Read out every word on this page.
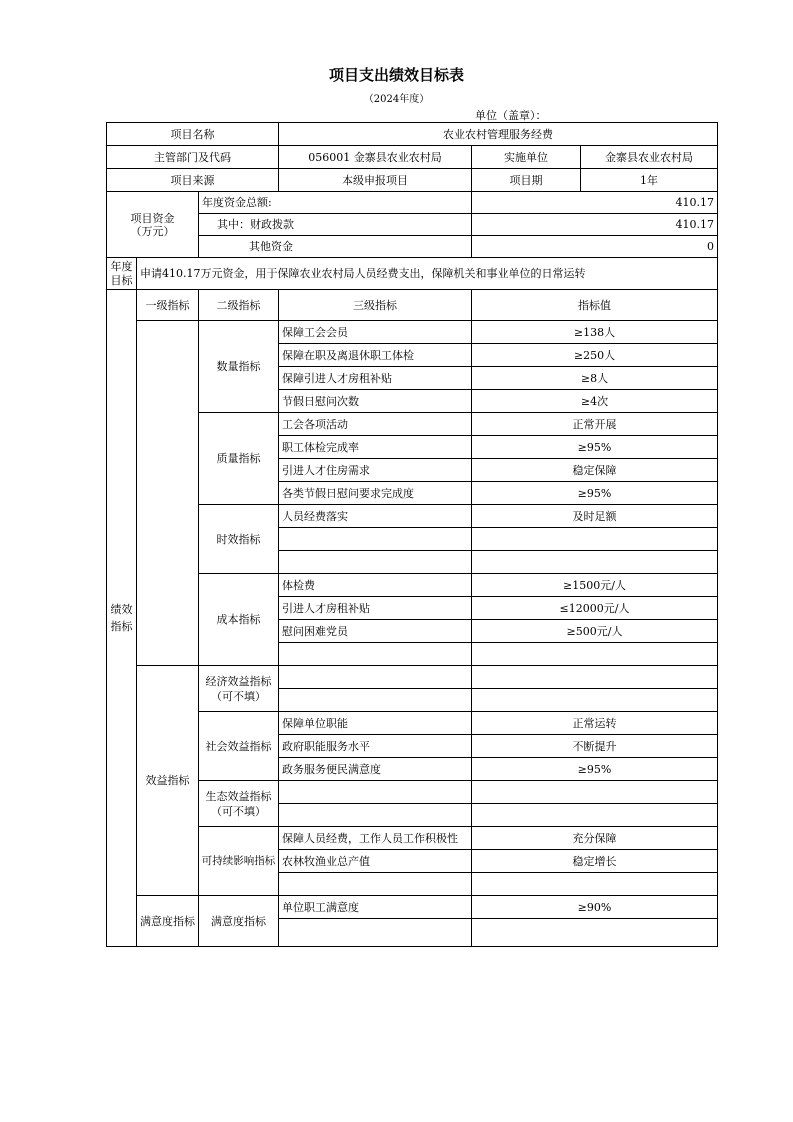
项目支出绩效目标表
（2024年度）
单位（盖章）：
项目名称			农业农村管理服务经费		
主管部门及代码			056001 金寨县农业农村局	实施单位	金寨县农业农村局
项目来源			本级申报项目	项目期	1年

项目资金
（万元）		年度资金总额:		410.17	
		其中：财政拨款		410.17	
		其他资金		0	
年度目标	申请410.17万元资金，用于保障农业农村局人员经费支出，保障机关和事业单位的日常运转				
绩效指标	一级指标	二级指标	三级指标	指标值	
		数量指标	保障工会会员	≥138人	
			保障在职及离退休职工体检	≥250人	
			保障引进人才房租补贴	≥8人	
			节假日慰问次数	≥4次	
		质量指标	工会各项活动	正常开展	
			职工体检完成率	≥95%	
			引进人才住房需求	稳定保障	
			各类节假日慰问要求完成度	≥95%	
		时效指标	人员经费落实	及时足额	

		成本指标	体检费	≥1500元/人	
			引进人才房租补贴	≤12000元/人	
			慰问困难党员	≥500元/人	

	效益指标	经济效益指标
（可不填）			

		社会效益指标	保障单位职能	正常运转	
			政府职能服务水平	不断提升	
			政务服务便民满意度	≥95%	

		生态效益指标
（可不填）			

		可持续影响指标	保障人员经费，工作人员工作积极性	充分保障	
			农林牧渔业总产值	稳定增长	

	满意度指标	满意度指标	单位职工满意度	≥90%	
